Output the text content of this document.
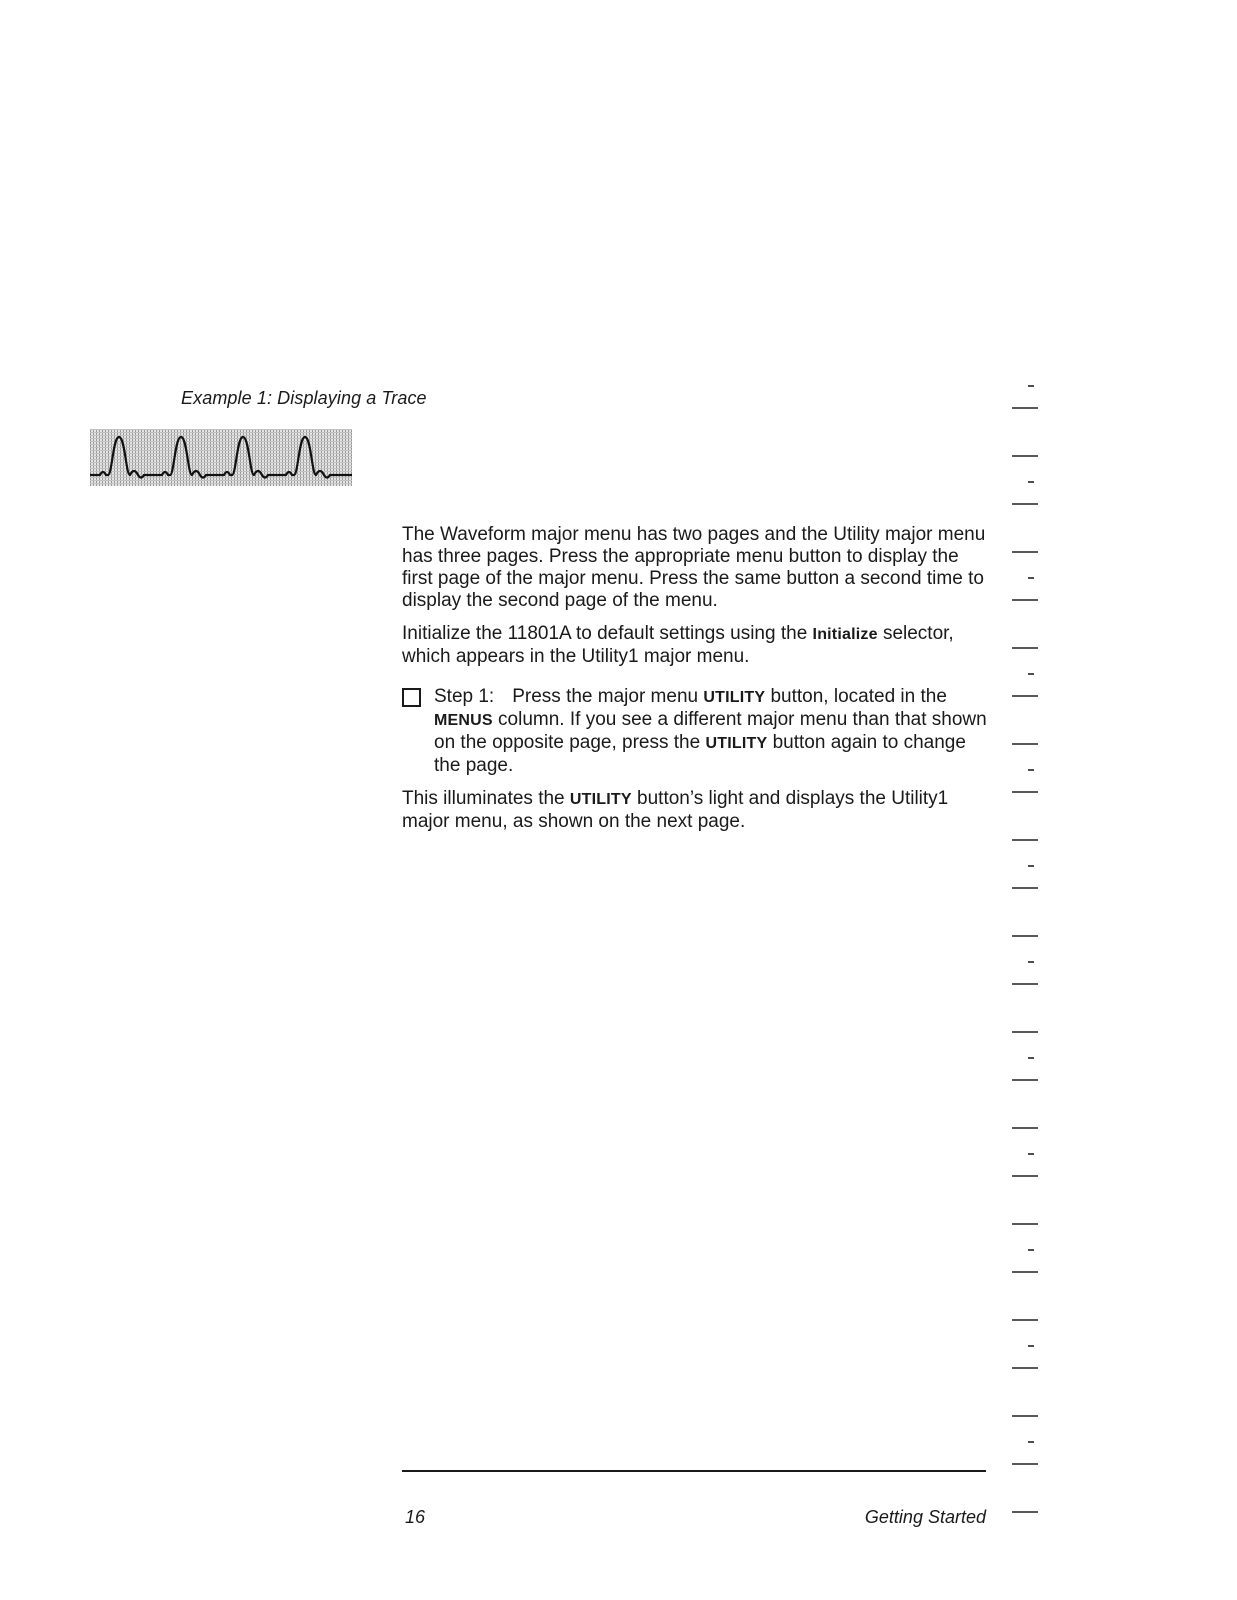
Example 1: Displaying a Trace

The Waveform major menu has two pages and the Utility major menu has three pages. Press the appropriate menu button to display the first page of the major menu. Press the same button a second time to display the second page of the menu.

Initialize the 11801A to default settings using the Initialize selector, which appears in the Utility1 major menu.

Step 1: Press the major menu UTILITY button, located in the MENUS column. If you see a different major menu than that shown on the opposite page, press the UTILITY button again to change the page.

This illuminates the UTILITY button’s light and displays the Utility1 major menu, as shown on the next page.

16	Getting Started
